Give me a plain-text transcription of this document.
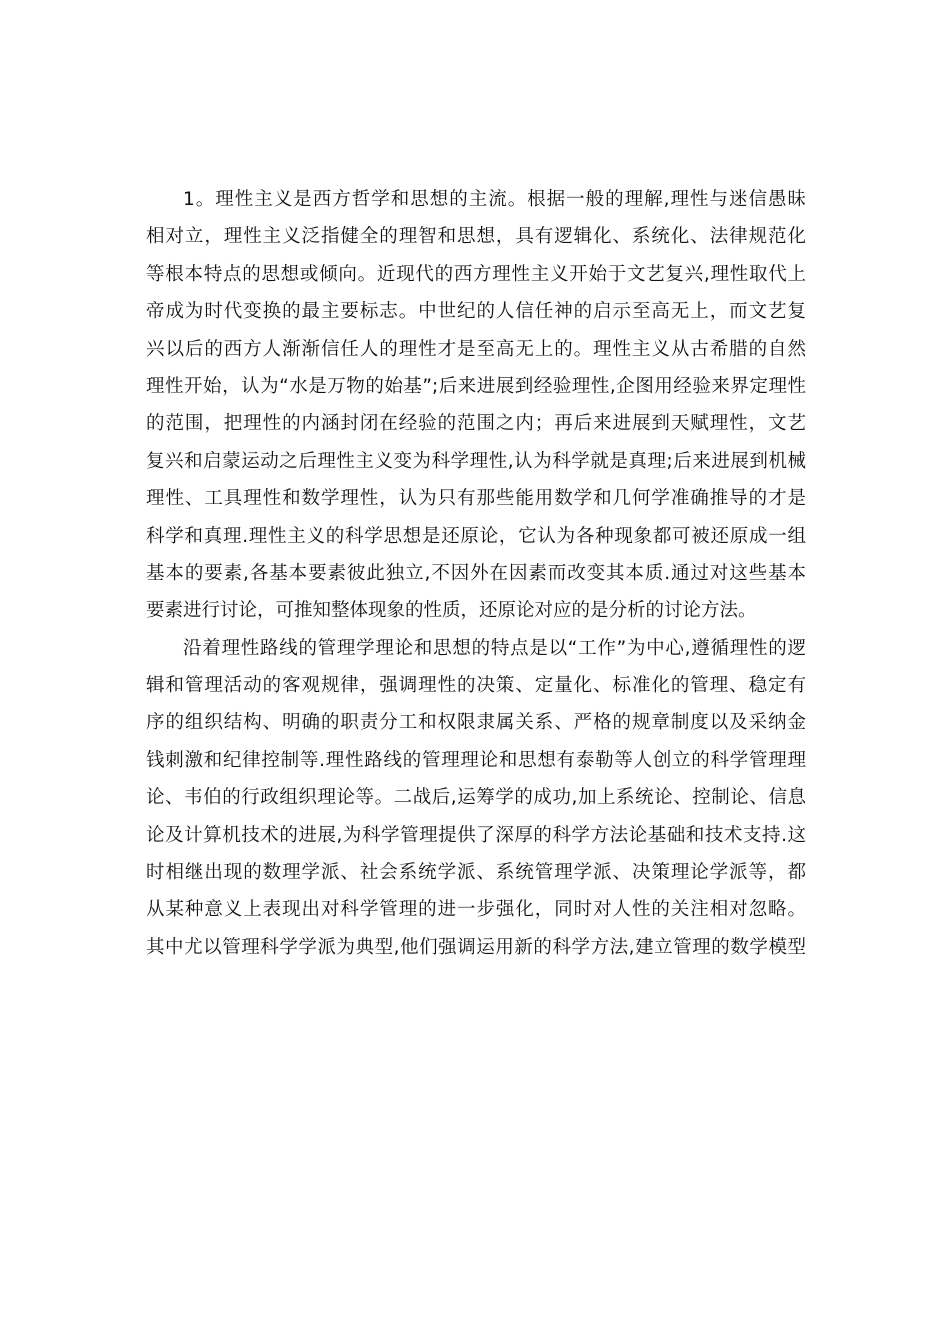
1。理性主义是西方哲学和思想的主流。根据一般的理解,理性与迷信愚昧
相对立，理性主义泛指健全的理智和思想，具有逻辑化、系统化、法律规范化
等根本特点的思想或倾向。近现代的西方理性主义开始于文艺复兴,理性取代上
帝成为时代变换的最主要标志。中世纪的人信任神的启示至高无上，而文艺复
兴以后的西方人渐渐信任人的理性才是至高无上的。理性主义从古希腊的自然
理性开始，认为“水是万物的始基”;后来进展到经验理性,企图用经验来界定理性
的范围，把理性的内涵封闭在经验的范围之内；再后来进展到天赋理性，文艺
复兴和启蒙运动之后理性主义变为科学理性,认为科学就是真理;后来进展到机械
理性、工具理性和数学理性，认为只有那些能用数学和几何学准确推导的才是
科学和真理.理性主义的科学思想是还原论，它认为各种现象都可被还原成一组
基本的要素,各基本要素彼此独立,不因外在因素而改变其本质.通过对这些基本
要素进行讨论，可推知整体现象的性质，还原论对应的是分析的讨论方法。
沿着理性路线的管理学理论和思想的特点是以“工作”为中心,遵循理性的逻
辑和管理活动的客观规律，强调理性的决策、定量化、标准化的管理、稳定有
序的组织结构、明确的职责分工和权限隶属关系、严格的规章制度以及采纳金
钱刺激和纪律控制等.理性路线的管理理论和思想有泰勒等人创立的科学管理理
论、韦伯的行政组织理论等。二战后,运筹学的成功,加上系统论、控制论、信息
论及计算机技术的进展,为科学管理提供了深厚的科学方法论基础和技术支持.这
时相继出现的数理学派、社会系统学派、系统管理学派、决策理论学派等，都
从某种意义上表现出对科学管理的进一步强化，同时对人性的关注相对忽略。
其中尤以管理科学学派为典型,他们强调运用新的科学方法,建立管理的数学模型
